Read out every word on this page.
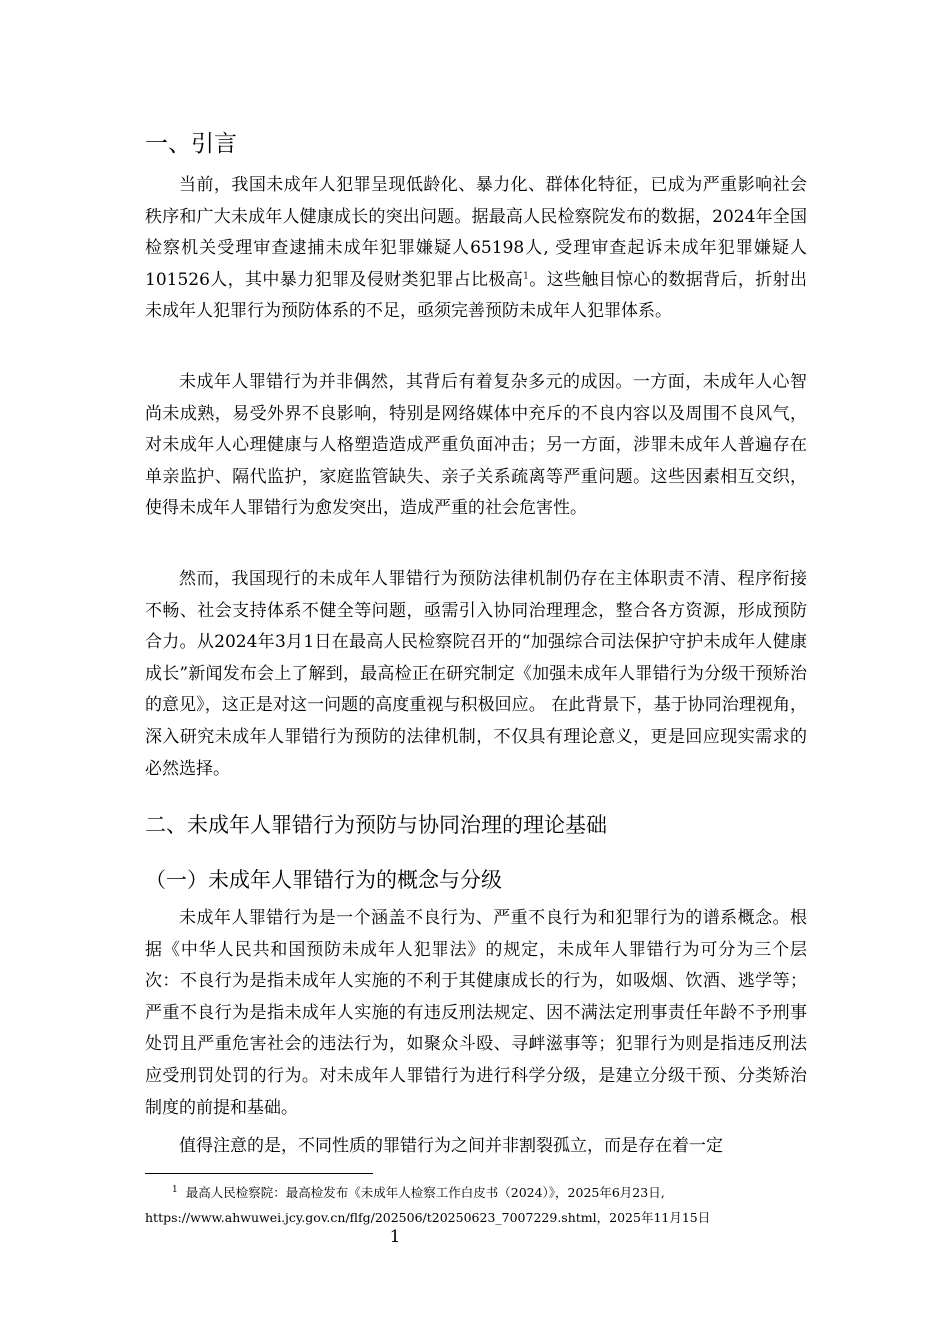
一、引言

当前，我国未成年人犯罪呈现低龄化、暴力化、群体化特征，已成为严重影响社会秩序和广大未成年人健康成长的突出问题。据最高人民检察院发布的数据，2024年全国检察机关受理审查逮捕未成年犯罪嫌疑人65198人, 受理审查起诉未成年犯罪嫌疑人101526人，其中暴力犯罪及侵财类犯罪占比极高$^1$。这些触目惊心的数据背后，折射出未成年人犯罪行为预防体系的不足，亟须完善预防未成年人犯罪体系。

未成年人罪错行为并非偶然，其背后有着复杂多元的成因。一方面，未成年人心智尚未成熟，易受外界不良影响，特别是网络媒体中充斥的不良内容以及周围不良风气，对未成年人心理健康与人格塑造造成严重负面冲击；另一方面，涉罪未成年人普遍存在单亲监护、隔代监护，家庭监管缺失、亲子关系疏离等严重问题。这些因素相互交织，使得未成年人罪错行为愈发突出，造成严重的社会危害性。

然而，我国现行的未成年人罪错行为预防法律机制仍存在主体职责不清、程序衔接不畅、社会支持体系不健全等问题，亟需引入协同治理理念，整合各方资源，形成预防合力。从2024年3月1日在最高人民检察院召开的“加强综合司法保护守护未成年人健康成长”新闻发布会上了解到，最高检正在研究制定《加强未成年人罪错行为分级干预矫治的意见》，这正是对这一问题的高度重视与积极回应。 在此背景下，基于协同治理视角，深入研究未成年人罪错行为预防的法律机制，不仅具有理论意义，更是回应现实需求的必然选择。

二、未成年人罪错行为预防与协同治理的理论基础
（一）未成年人罪错行为的概念与分级

未成年人罪错行为是一个涵盖不良行为、严重不良行为和犯罪行为的谱系概念。根据《中华人民共和国预防未成年人犯罪法》的规定，未成年人罪错行为可分为三个层次：不良行为是指未成年人实施的不利于其健康成长的行为，如吸烟、饮酒、逃学等；严重不良行为是指未成年人实施的有违反刑法规定、因不满法定刑事责任年龄不予刑事处罚且严重危害社会的违法行为，如聚众斗殴、寻衅滋事等；犯罪行为则是指违反刑法应受刑罚处罚的行为。对未成年人罪错行为进行科学分级，是建立分级干预、分类矫治制度的前提和基础。

值得注意的是，不同性质的罪错行为之间并非割裂孤立，而是存在着一定

$^1$ 最高人民检察院：最高检发布《未成年人检察工作白皮书（2024）》，2025年6月23日,
https://www.ahwuwei.jcy.gov.cn/flfg/202506/t20250623_7007229.shtml，2025年11月15日
1
